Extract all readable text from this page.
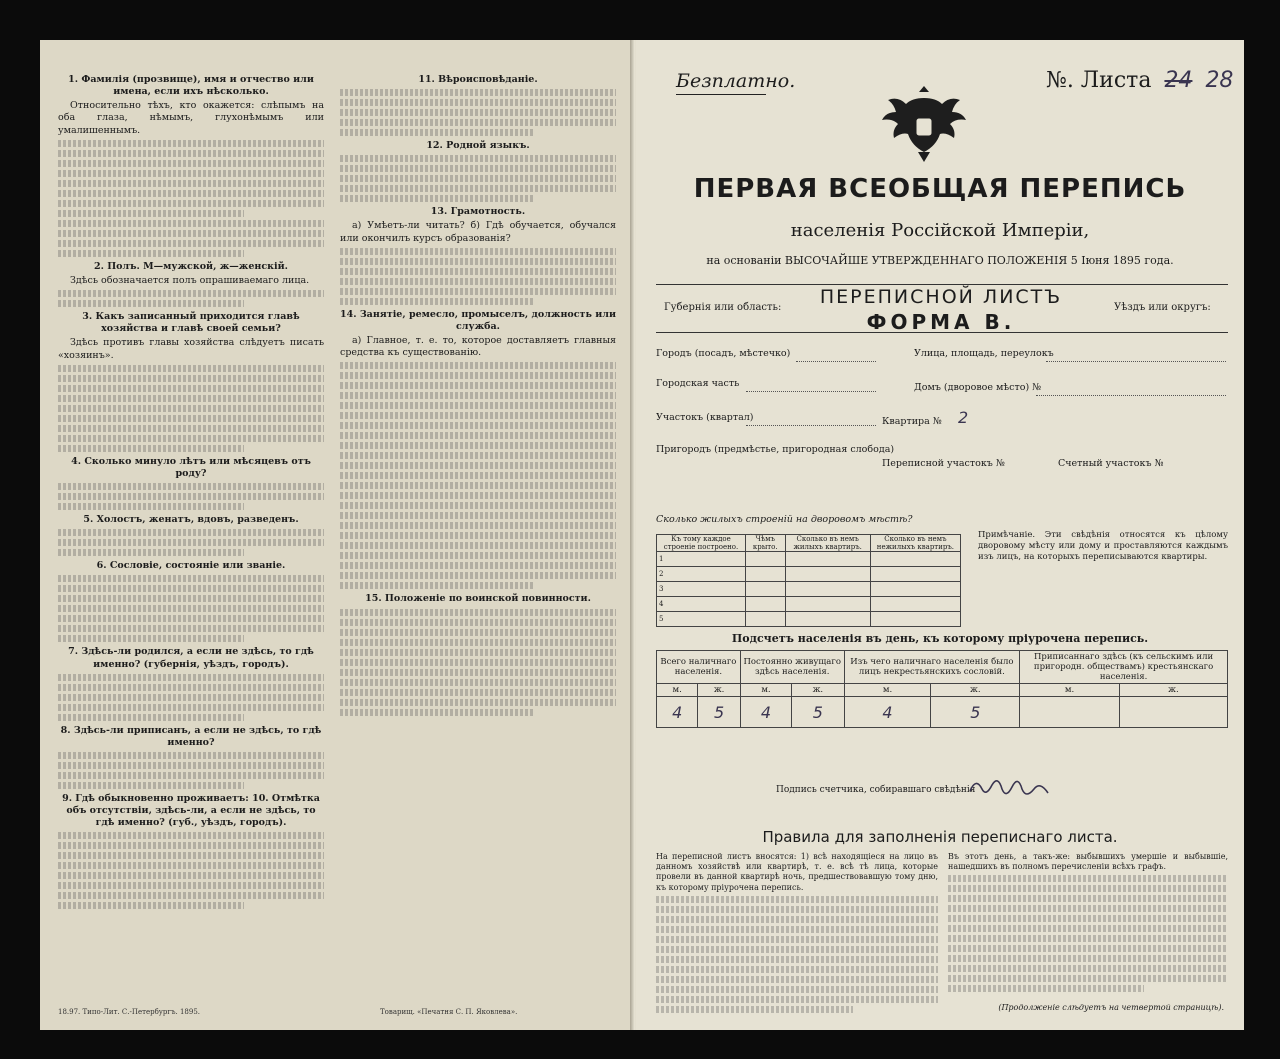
1. Фамилія (прозвище), имя и отчество или имена, если ихъ нѣсколько.
Относительно тѣхъ, кто окажется: слѣпымъ на оба глаза, нѣмымъ, глухонѣмымъ или умалишеннымъ.
2. Полъ. М—мужской, ж—женскій.
Здѣсь обозначается полъ опрашиваемаго лица.
3. Какъ записанный приходится главѣ хозяйства и главѣ своей семьи?
Здѣсь противъ главы хозяйства слѣдуетъ писать «хозяинъ».
4. Сколько минуло лѣтъ или мѣсяцевъ отъ роду?
5. Холостъ, женатъ, вдовъ, разведенъ.
6. Сословіе, состояніе или званіе.
7. Здѣсь-ли родился, а если не здѣсь, то гдѣ именно? (губернія, уѣздъ, городъ).
8. Здѣсь-ли приписанъ, а если не здѣсь, то гдѣ именно?
9. Гдѣ обыкновенно проживаетъ: 10. Отмѣтка объ отсутствіи, здѣсь-ли, а если не здѣсь, то гдѣ именно? (губ., уѣздъ, городъ).
18.97. Типо-Лит. С.-Петербургъ. 1895.
11. Вѣроисповѣданіе.
12. Родной языкъ.
13. Грамотность.
а) Умѣетъ-ли читать? б) Гдѣ обучается, обучался или окончилъ курсъ образованія?
14. Занятіе, ремесло, промыселъ, должность или служба.
а) Главное, т. е. то, которое доставляетъ главныя средства къ существованію.
15. Положеніе по воинской повинности.
Товарищ. «Печатня С. П. Яковлева».
Безплатно.	№. Листа 24 28
ПЕРВАЯ ВСЕОБЩАЯ ПЕРЕПИСЬ
населенія Россійской Имперіи,
на основаніи ВЫСОЧАЙШЕ УТВЕРЖДЕННАГО ПОЛОЖЕНІЯ 5 Іюня 1895 года.
Губернія или область:	ПЕРЕПИСНОЙ ЛИСТЪ
ФОРМА В.
Уѣздъ или округъ:
Городъ (посадъ, мѣстечко)
Городская часть
Участокъ (квартал)
Пригородъ (предмѣстье, пригородная слобода)
Улица, площадь, переулокъ
Домъ (дворовое мѣсто) №
Квартира № 2
Переписной участокъ №	Счетный участокъ №
Сколько жилыхъ строеній на дворовомъ мѣстѣ?
Къ тому каждое строеніе построено.	Чѣмъ крыто.	Сколько въ немъ жилыхъ квартиръ.	Сколько въ немъ нежилыхъ квартиръ.
1			
2			
3			
4			
5			
Примѣчаніе. Эти свѣдѣнія относятся къ цѣлому дворовому мѣсту или дому и проставляются каждымъ изъ лицъ, на которыхъ переписываются квартиры.
Подсчетъ населенія въ день, къ которому пріурочена перепись.
Всего наличнаго населенія.		Постоянно живущаго здѣсь населенія.		Изъ чего наличнаго населенія было лицъ некрестьянскихъ сословій.		Приписаннаго здѣсь (къ сельскимъ или пригородн. обществамъ) крестьянскаго населенія.	
м.	ж.	м.	ж.	м.	ж.	м.	ж.
4	5	4	5	4	5		
Подпись счетчика, собиравшаго свѣдѣнія
Правила для заполненія переписнаго листа.
На переписной листъ вносятся: 1) всѣ находящіеся на лицо въ данномъ хозяйствѣ или квартирѣ, т. е. всѣ тѣ лица, которые провели въ данной квартирѣ ночь, предшествовавшую тому дню, къ которому пріурочена перепись.
Въ этотъ день, а такъ-же: выбывшихъ умершіе и выбывшіе, нашедшихъ въ полномъ перечисленіи всѣхъ графъ.
(Продолженіе слѣдуетъ на четвертой страницѣ).
